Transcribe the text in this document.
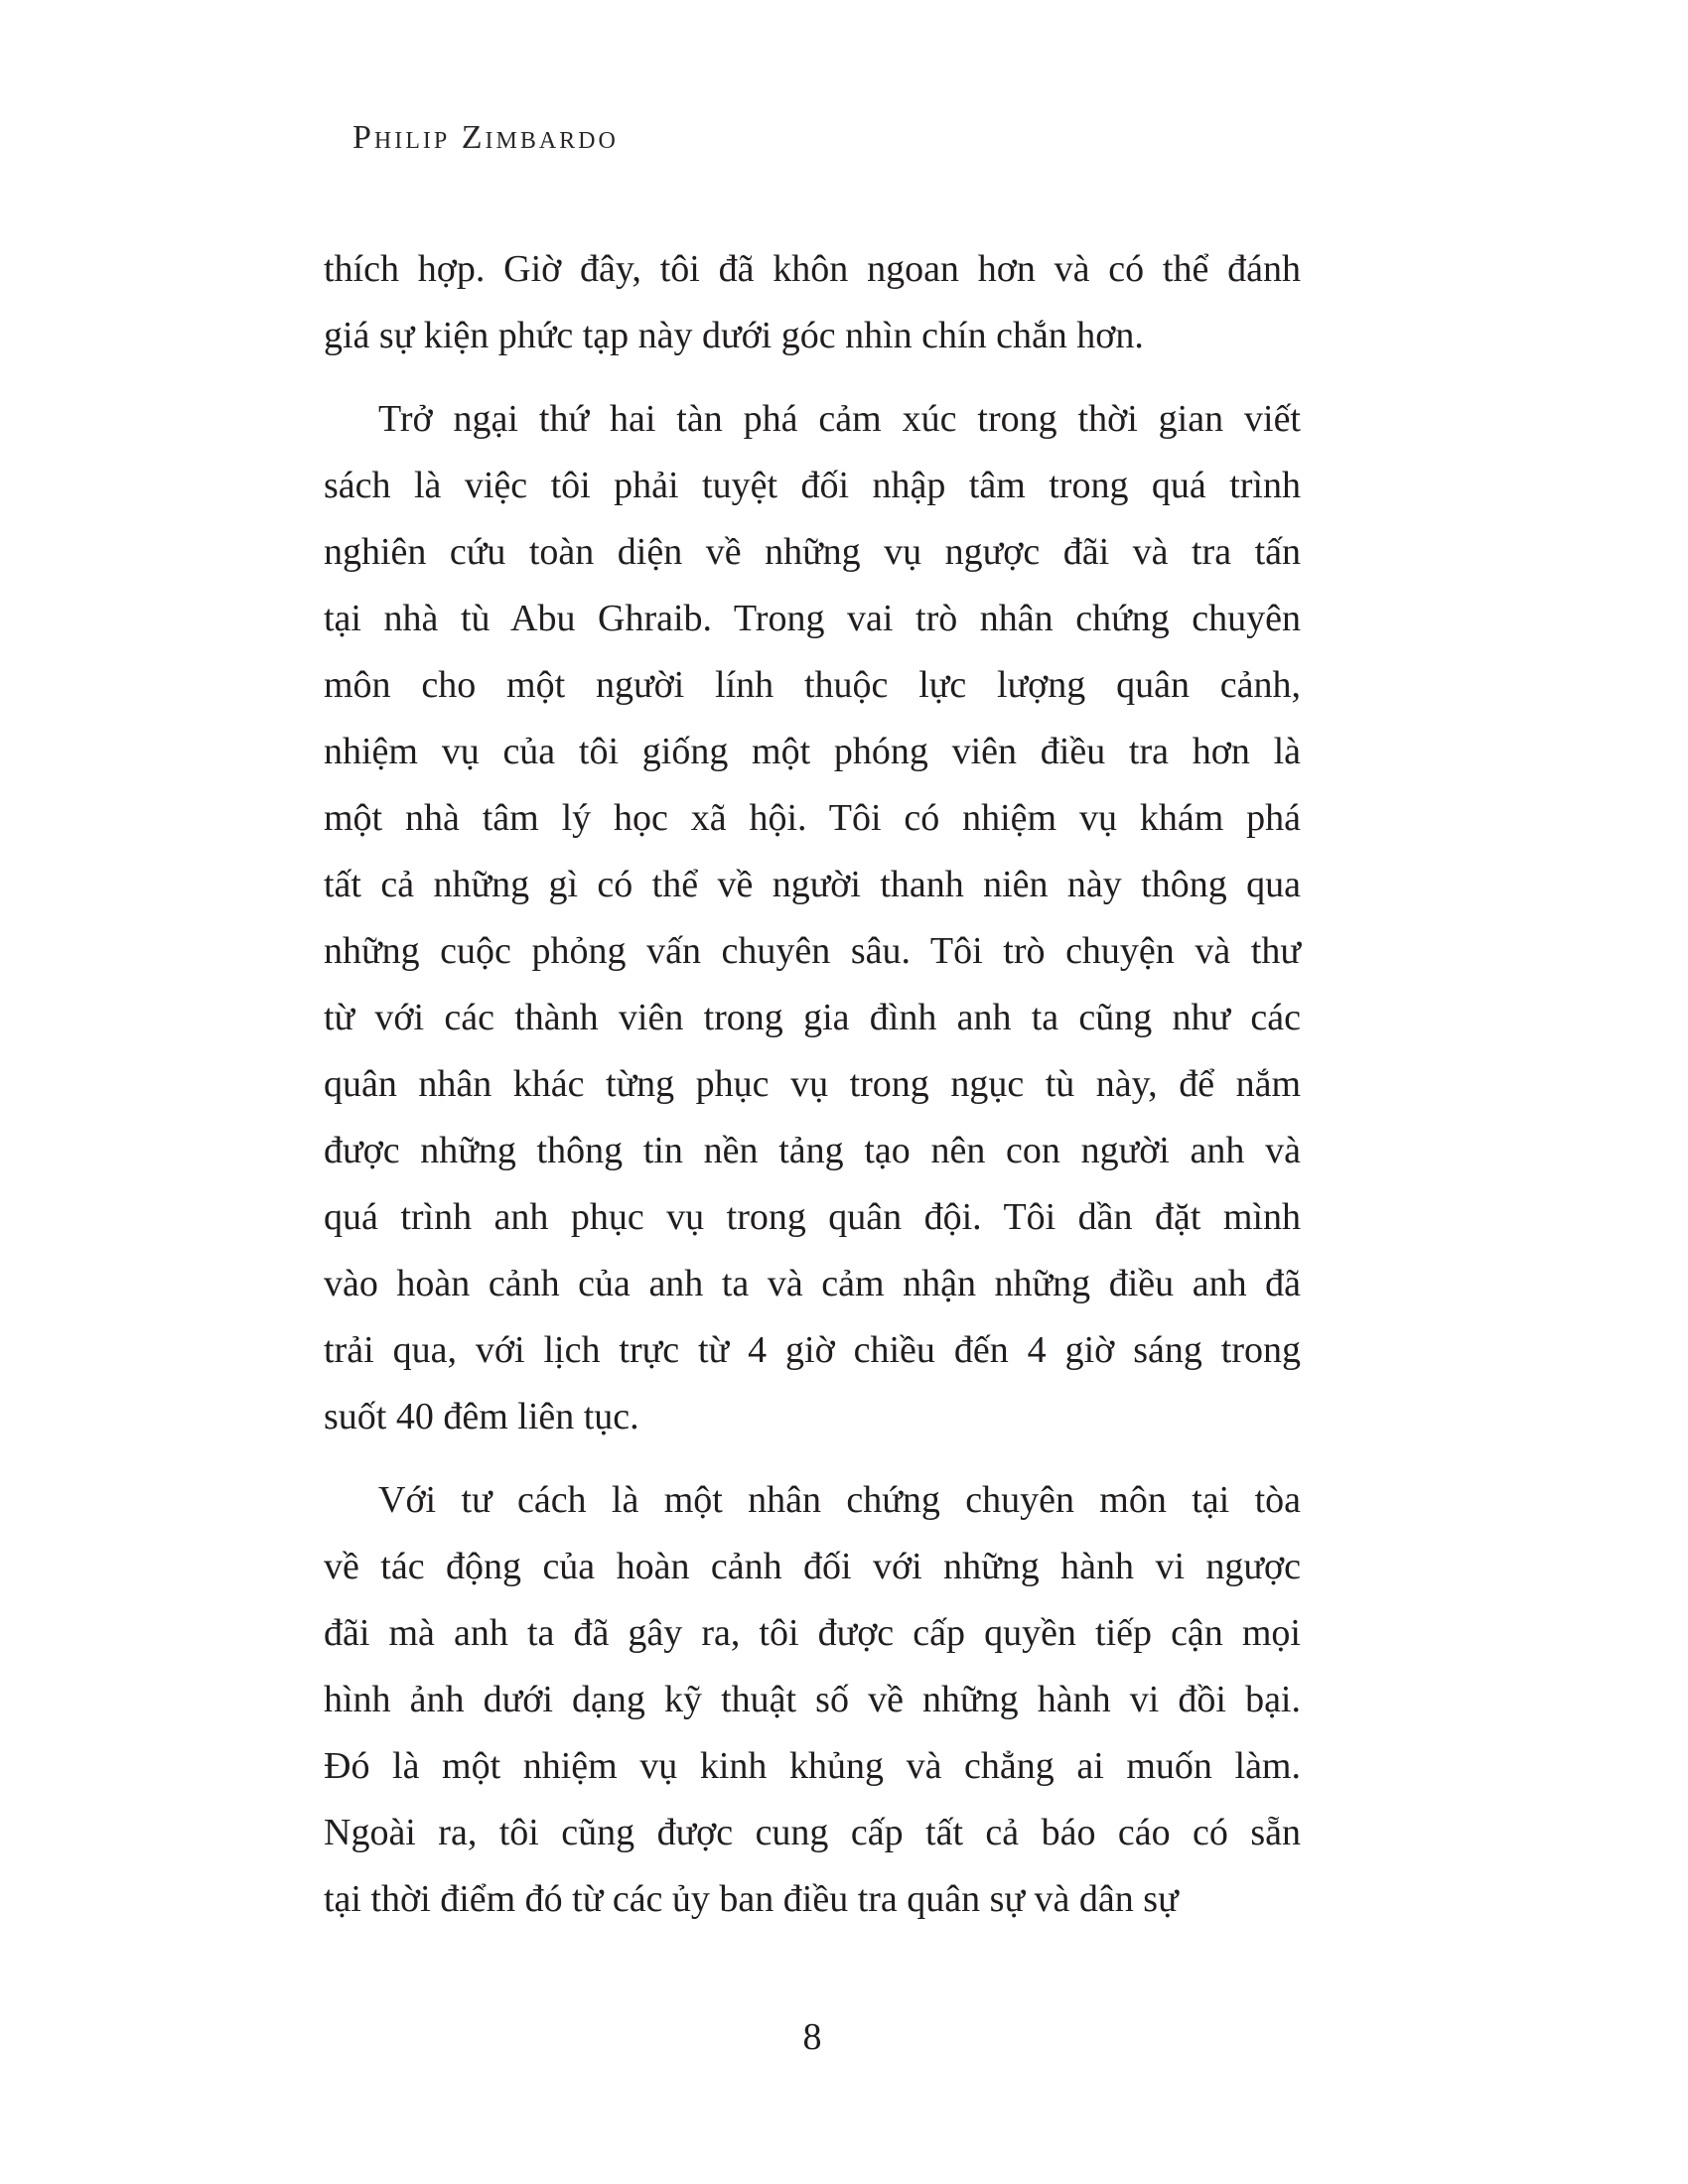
Philip Zimbardo
thích hợp. Giờ đây, tôi đã khôn ngoan hơn và có thể đánh
giá sự kiện phức tạp này dưới góc nhìn chín chắn hơn.
Trở ngại thứ hai tàn phá cảm xúc trong thời gian viết
sách là việc tôi phải tuyệt đối nhập tâm trong quá trình
nghiên cứu toàn diện về những vụ ngược đãi và tra tấn
tại nhà tù Abu Ghraib. Trong vai trò nhân chứng chuyên
môn cho một người lính thuộc lực lượng quân cảnh,
nhiệm vụ của tôi giống một phóng viên điều tra hơn là
một nhà tâm lý học xã hội. Tôi có nhiệm vụ khám phá
tất cả những gì có thể về người thanh niên này thông qua
những cuộc phỏng vấn chuyên sâu. Tôi trò chuyện và thư
từ với các thành viên trong gia đình anh ta cũng như các
quân nhân khác từng phục vụ trong ngục tù này, để nắm
được những thông tin nền tảng tạo nên con người anh và
quá trình anh phục vụ trong quân đội. Tôi dần đặt mình
vào hoàn cảnh của anh ta và cảm nhận những điều anh đã
trải qua, với lịch trực từ 4 giờ chiều đến 4 giờ sáng trong
suốt 40 đêm liên tục.
Với tư cách là một nhân chứng chuyên môn tại tòa
về tác động của hoàn cảnh đối với những hành vi ngược
đãi mà anh ta đã gây ra, tôi được cấp quyền tiếp cận mọi
hình ảnh dưới dạng kỹ thuật số về những hành vi đồi bại.
Đó là một nhiệm vụ kinh khủng và chẳng ai muốn làm.
Ngoài ra, tôi cũng được cung cấp tất cả báo cáo có sẵn
tại thời điểm đó từ các ủy ban điều tra quân sự và dân sự
8
